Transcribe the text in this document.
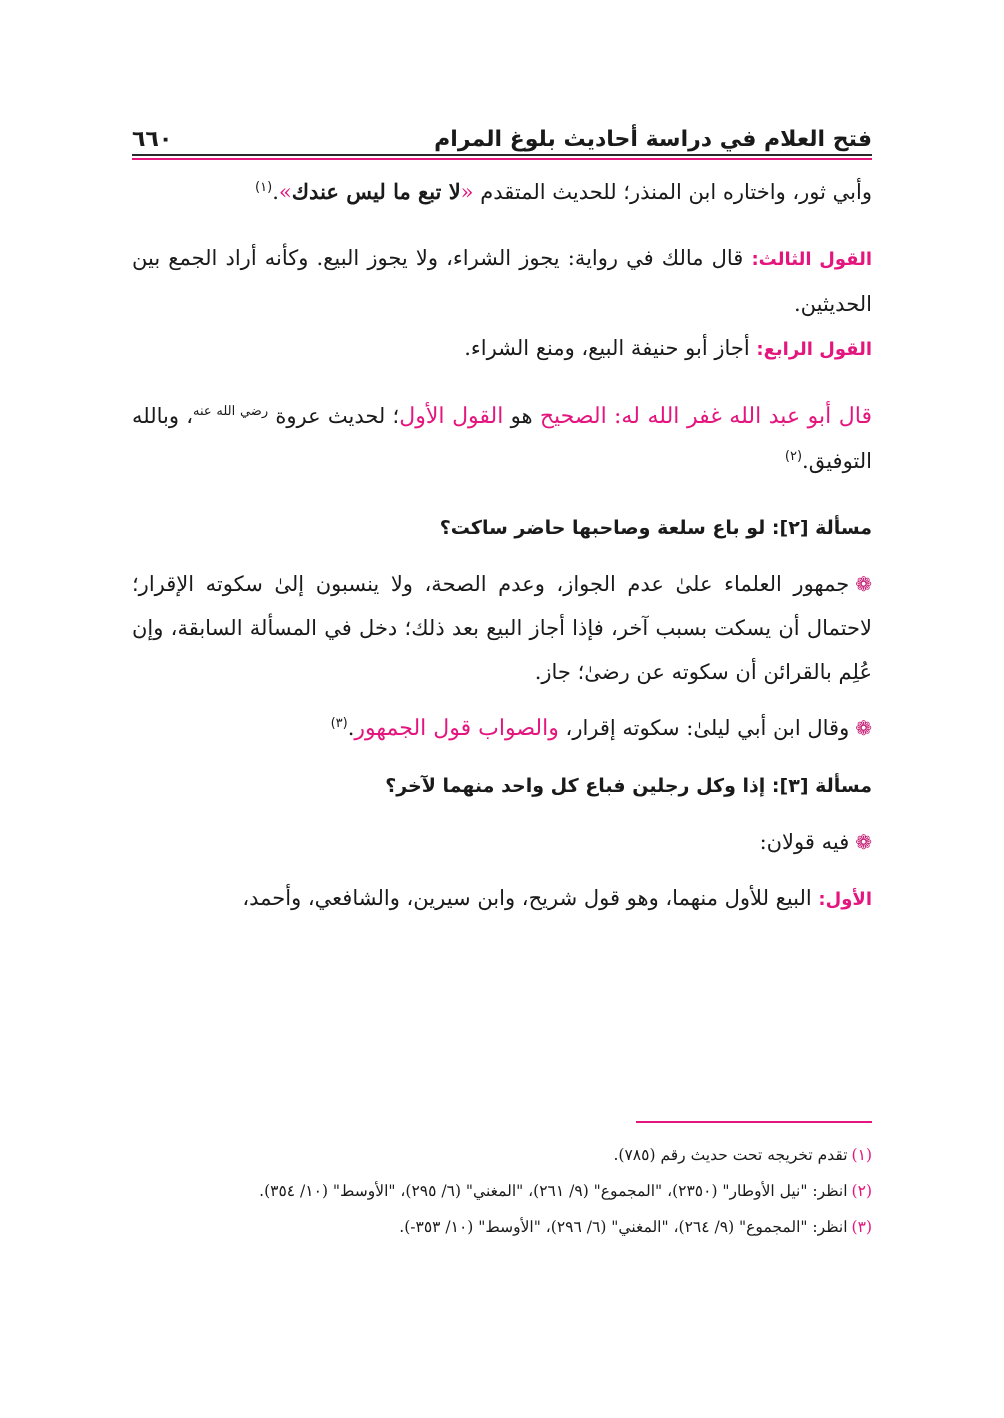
فتح العلام في دراسة أحاديث بلوغ المرام
٦٦٠

وأبي ثور، واختاره ابن المنذر؛ للحديث المتقدم «لا تبع ما ليس عندك».$^{(١)}$

القول الثالث: قال مالك في رواية: يجوز الشراء، ولا يجوز البيع. وكأنه أراد الجمع بين الحديثين.

القول الرابع: أجاز أبو حنيفة البيع، ومنع الشراء.

قال أبو عبد الله غفر الله له: الصحيح هو القول الأول؛ لحديث عروة $^{رضي الله عنه}$، وبالله التوفيق.$^{(٢)}$

مسألة [٢]: لو باع سلعة وصاحبها حاضر ساكت؟

❁جمهور العلماء علىٰ عدم الجواز، وعدم الصحة، ولا ينسبون إلىٰ سكوته الإقرار؛ لاحتمال أن يسكت بسبب آخر، فإذا أجاز البيع بعد ذلك؛ دخل في المسألة السابقة، وإن عُلِم بالقرائن أن سكوته عن رضىٰ؛ جاز.

❁وقال ابن أبي ليلىٰ: سكوته إقرار، والصواب قول الجمهور.$^{(٣)}$

مسألة [٣]: إذا وكل رجلين فباع كل واحد منهما لآخر؟

❁فيه قولان:

الأول: البيع للأول منهما، وهو قول شريح، وابن سيرين، والشافعي، وأحمد،

(١)تقدم تخريجه تحت حديث رقم (٧٨٥).

(٢)انظر: "نيل الأوطار" (٢٣٥٠)، "المجموع" (٩/ ٢٦١)، "المغني" (٦/ ٢٩٥)، "الأوسط" (١٠/ ٣٥٤).

(٣)انظر: "المجموع" (٩/ ٢٦٤)، "المغني" (٦/ ٢٩٦)، "الأوسط" (١٠/ ٣٥٣-).
